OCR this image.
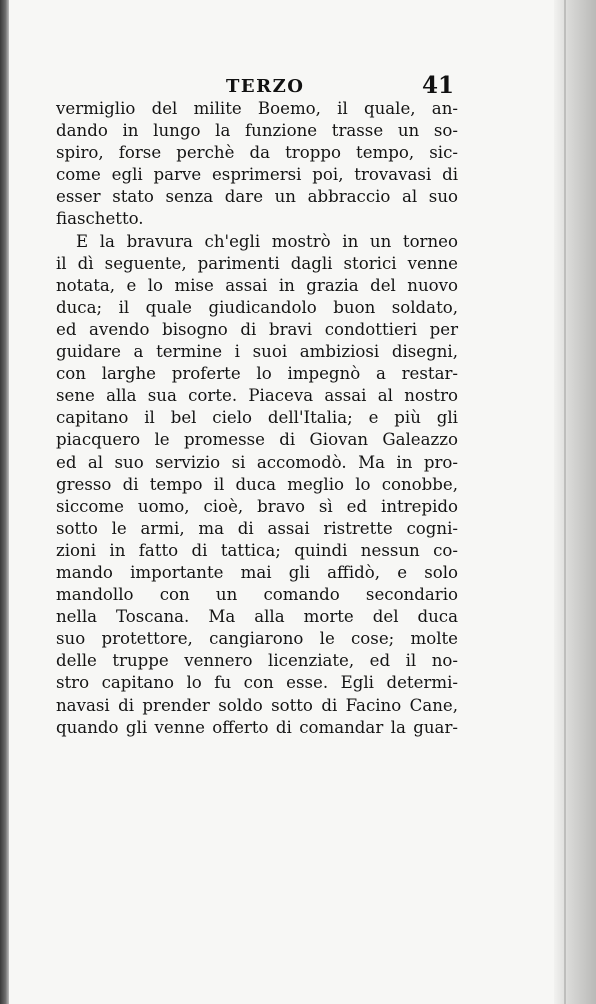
TERZO	41
vermiglio del milite Boemo, il quale, an-
dando in lungo la funzione trasse un so-
spiro, forse perchè da troppo tempo, sic-
come egli parve esprimersi poi, trovavasi di
esser stato senza dare un abbraccio al suo
fiaschetto.
E la bravura ch'egli mostrò in un torneo
il dì seguente, parimenti dagli storici venne
notata, e lo mise assai in grazia del nuovo
duca; il quale giudicandolo buon soldato,
ed avendo bisogno di bravi condottieri per
guidare a termine i suoi ambiziosi disegni,
con larghe proferte lo impegnò a restar-
sene alla sua corte. Piaceva assai al nostro
capitano il bel cielo dell'Italia; e più gli
piacquero le promesse di Giovan Galeazzo
ed al suo servizio si accomodò. Ma in pro-
gresso di tempo il duca meglio lo conobbe,
siccome uomo, cioè, bravo sì ed intrepido
sotto le armi, ma di assai ristrette cogni-
zioni in fatto di tattica; quindi nessun co-
mando importante mai gli affidò, e solo
mandollo con un comando secondario
nella Toscana. Ma alla morte del duca
suo protettore, cangiarono le cose; molte
delle truppe vennero licenziate, ed il no-
stro capitano lo fu con esse. Egli determi-
navasi di prender soldo sotto di Facino Cane,
quando gli venne offerto di comandar la guar-
